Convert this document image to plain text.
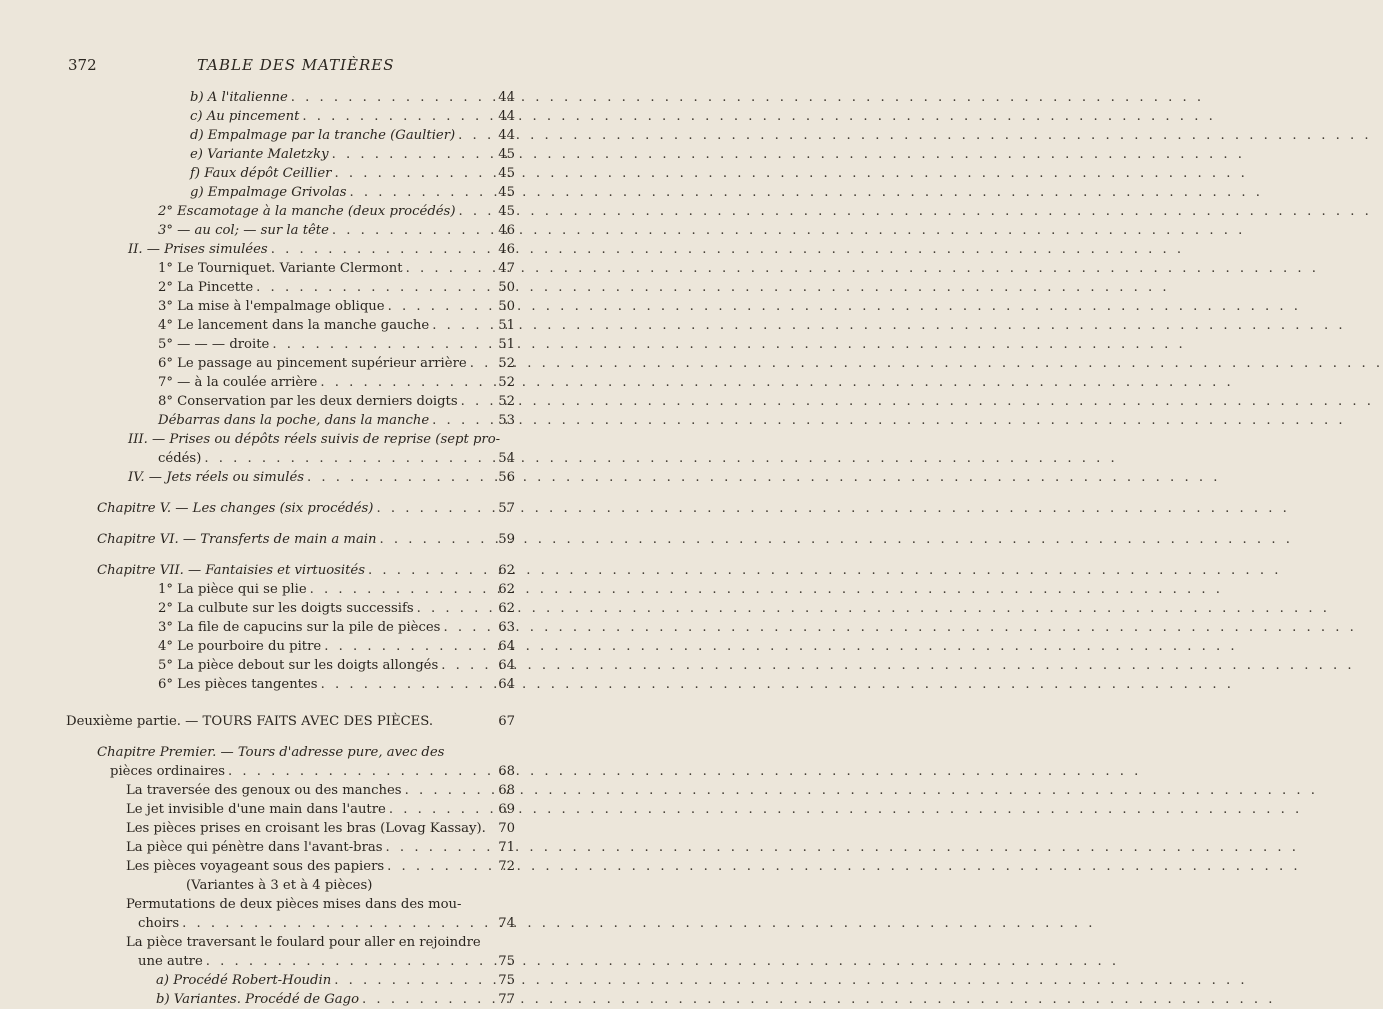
372	TABLE DES MATIÈRES
b) A l'italienne . . .	44
c) Au pincement . . .	44
d) Empalmage par la tranche (Gaultier) . . .	44
e) Variante Maletzky . . .	45
f) Faux dépôt Ceillier . . .	45
g) Empalmage Grivolas . . .	45
2° Escamotage à la manche (deux procédés) . . .	45
3° — au col; — sur la tête . . .	46
II. — Prises simulées . . .	46
1° Le Tourniquet. Variante Clermont . . .	47
2° La Pincette . . .	50
3° La mise à l'empalmage oblique . . .	50
4° Le lancement dans la manche gauche . . .	51
5° — — — droite . . .	51
6° Le passage au pincement supérieur arrière . . .	52
7° — à la coulée arrière . . .	52
8° Conservation par les deux derniers doigts . . .	52
Débarras dans la poche, dans la manche . . .	53
III. — Prises ou dépôts réels suivis de reprise (sept pro-
cédés) . . .	54
IV. — Jets réels ou simulés . . .	56
Chapitre V. — Les changes (six procédés) . . .	57
Chapitre VI. — Transferts de main a main . . .	59
Chapitre VII. — Fantaisies et virtuosités . . .	62
1° La pièce qui se plie . . .	62
2° La culbute sur les doigts successifs . . .	62
3° La file de capucins sur la pile de pièces . . .	63
4° Le pourboire du pitre . . .	64
5° La pièce debout sur les doigts allongés . . .	64
6° Les pièces tangentes . . .	64
Deuxième partie. — TOURS FAITS AVEC DES PIÈCES.	67
Chapitre Premier. — Tours d'adresse pure, avec des
pièces ordinaires . . .	68
La traversée des genoux ou des manches . . .	68
Le jet invisible d'une main dans l'autre . . .	69
Les pièces prises en croisant les bras (Lovag Kassay). 70
La pièce qui pénètre dans l'avant-bras . . .	71
Les pièces voyageant sous des papiers . . .	72
(Variantes à 3 et à 4 pièces)
Permutations de deux pièces mises dans des mou-
choirs . . .	74
La pièce traversant le foulard pour aller en rejoindre
une autre . . .	75
a) Procédé Robert-Houdin . . .	75
b) Variantes. Procédé de Gago . . .	77
